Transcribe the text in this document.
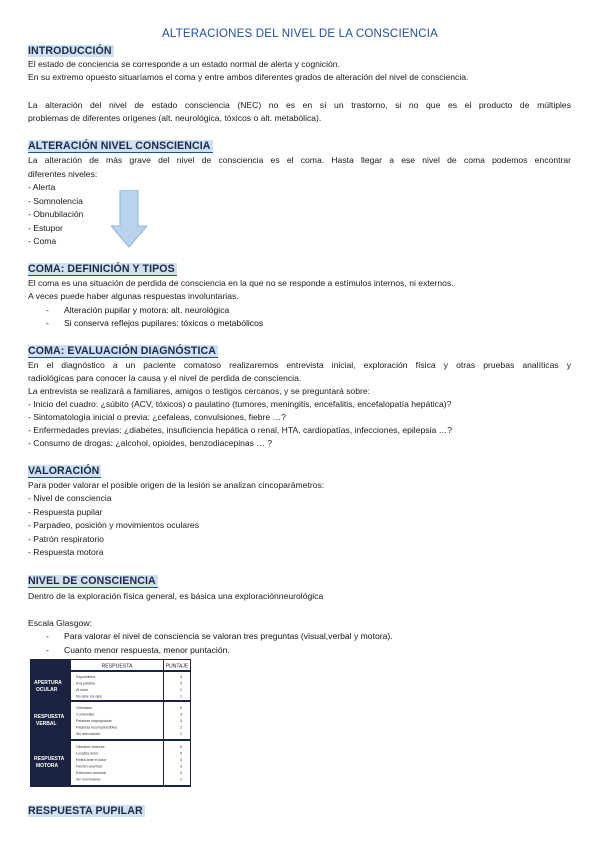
ALTERACIONES DEL NIVEL DE LA CONSCIENCIA
INTRODUCCIÓN
El estado de conciencia se corresponde a un estado normal de alerta y cognición.
En su extremo opuesto situaríamos el coma y entre ambos diferentes grados de alteración del nivel de consciencia.
La alteración del nivel de estado consciencia (NEC) no es en sí un trastorno, si no que es el producto de múltiples
problemas de diferentes orígenes (alt. neurológica, tóxicos o alt. metabólica).
ALTERACIÓN NIVEL CONSCIENCIA
La alteración de más grave del nivel de consciencia es el coma. Hasta llegar a ese nivel de coma podemos encontrar
diferentes niveles:
- Alerta
- Somnolencia
- Obnubilación
- Estupor
- Coma
COMA: DEFINICIÓN Y TIPOS
El coma es una situación de perdida de consciencia en la que no se responde a estímulos internos, ni externos.
A veces puede haber algunas respuestas involuntarias.
- Alteración pupilar y motora: alt. neurológica
- Si conserva reflejos pupilares: tóxicos o metabólicos
COMA: EVALUACIÓN DIAGNÓSTICA
En el diagnóstico a un paciente comatoso realizaremos entrevista inicial, exploración física y otras pruebas analíticas y
radiológicas para conocer la causa y el nivel de perdida de consciencia.
La entrevista se realizará a familiares, amigos o testigos cercanos, y se preguntará sobre:
- Inicio del cuadro: ¿súbito (ACV, tóxicos) o paulatino (tumores, meningitis, encefalitis, encefalopatía hepática)?
- Sintomatología inicial o previa: ¿cefaleas, convulsiones, fiebre …?
- Enfermedades previas: ¿diabetes, insuficiencia hepática o renal, HTA, cardiopatías, infecciones, epilepsia …?
- Consumo de drogas: ¿alcohol, opioides, benzodiacepinas … ?
VALORACIÓN
Para poder valorar el posible origen de la lesión se analizan cincoparámetros:
- Nivel de consciencia
- Respuesta pupilar
- Parpadeo, posición y movimientos oculares
- Patrón respiratorio
- Respuesta motora
NIVEL DE CONSCIENCIA
Dentro de la exploración física general, es básica una exploraciónneurológica
Escala Glasgow:
- Para valorar el nivel de consciencia se valoran tres preguntas (visual,verbal y motora).
- Cuanto menor respuesta, menor puntación.
RESPUESTA	PUNTAJE
APERTURA
OCULAR
Espontánea
A la palabra
Al dolor
No abre los ojos
4
3
2
1
RESPUESTA
VERBAL
Orientado
Confundido
Palabras inapropiadas
Palabras incomprensibles
Sin articulación
5
4
3
2
1
RESPUESTA
MOTORA
Obedece órdenes
Localiza dolor
Retira ante el dolor
Flexión anormal
Extensión anormal
Sin movimiento
6
5
4
3
2
1
RESPUESTA PUPILAR
